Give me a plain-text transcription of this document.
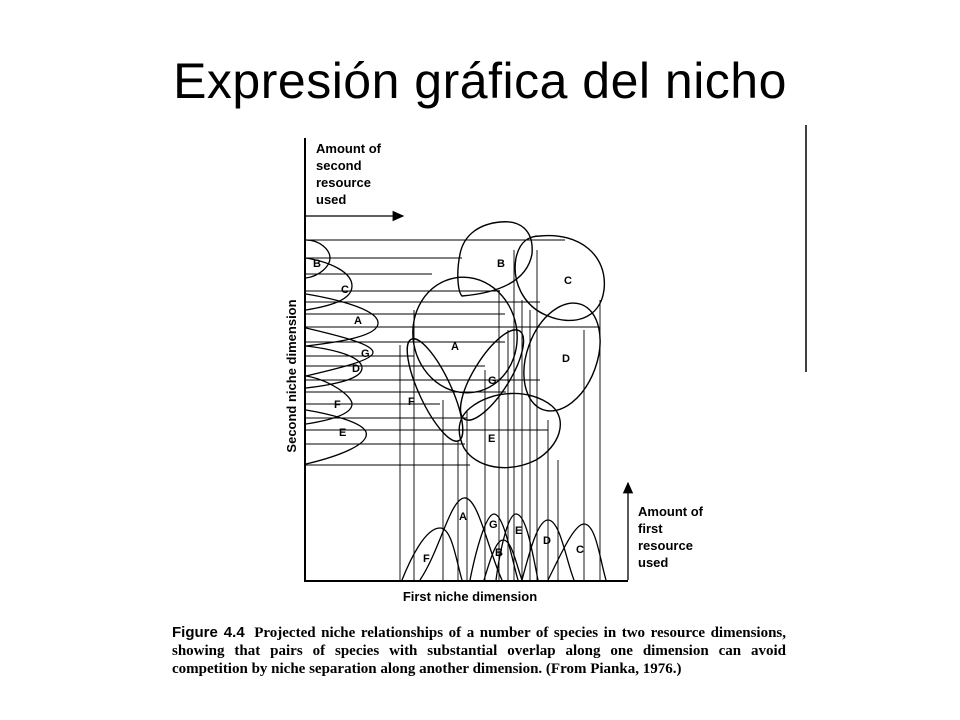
Expresión gráfica del nicho
Amount of second resource used
Amount of first resource used
Second niche dimension
First niche dimension
A
B
C
D
E
F
G
B
C
A
G
D
F
E
F
A
G E
B
D
C
Figure 4.4 Projected niche relationships of a number of species in two resource dimensions, showing that pairs of species with substantial overlap along one dimension can avoid competition by niche separation along another dimension. (From Pianka, 1976.)
